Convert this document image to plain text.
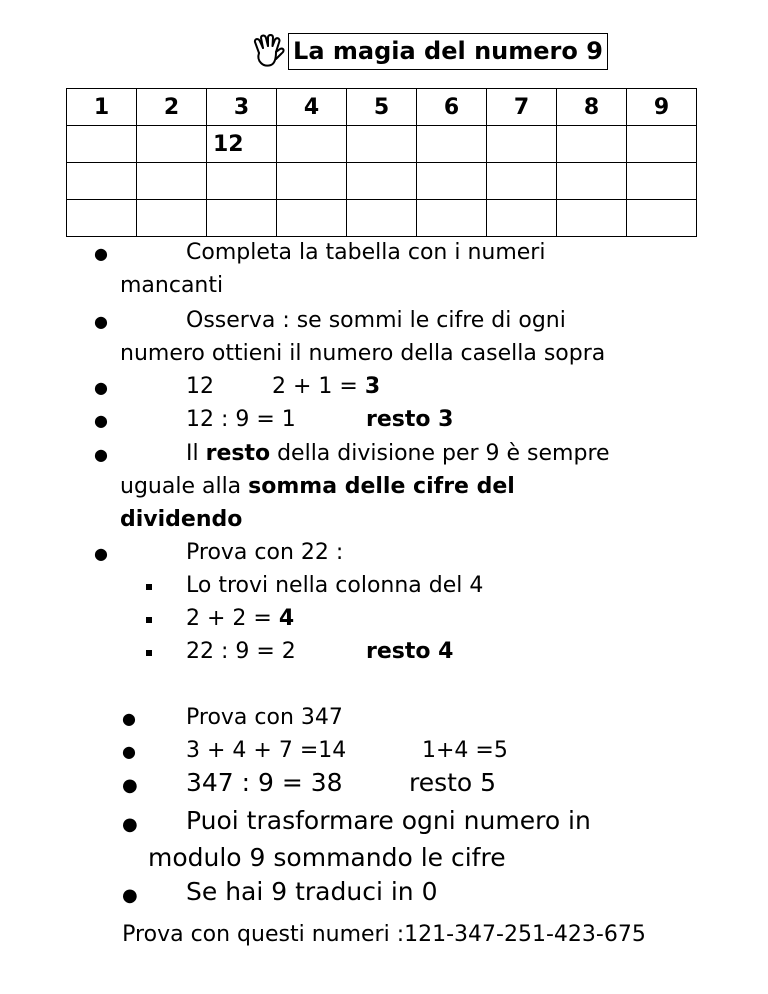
La magia del numero 9
1	2	3	4	5	6	7	8	9
		12						

●	Completa la tabella con i numeri
mancanti
●	Osserva : se sommi le cifre di ogni
numero ottieni il numero della casella sopra
●	12	2 + 1 = 3
●	12 : 9 = 1	resto 3
●	Il resto della divisione per 9 è sempre
uguale alla somma delle cifre del
dividendo
●	Prova con 22 :
Lo trovi nella colonna del 4
2 + 2 = 4
22 : 9 = 2	resto 4
● Prova con 347
● 3 + 4 + 7 =14	1+4 =5
● 347 : 9 = 38	resto 5
● Puoi trasformare ogni numero in
modulo 9 sommando le cifre
● Se hai 9 traduci in 0
Prova con questi numeri :121-347-251-423-675
